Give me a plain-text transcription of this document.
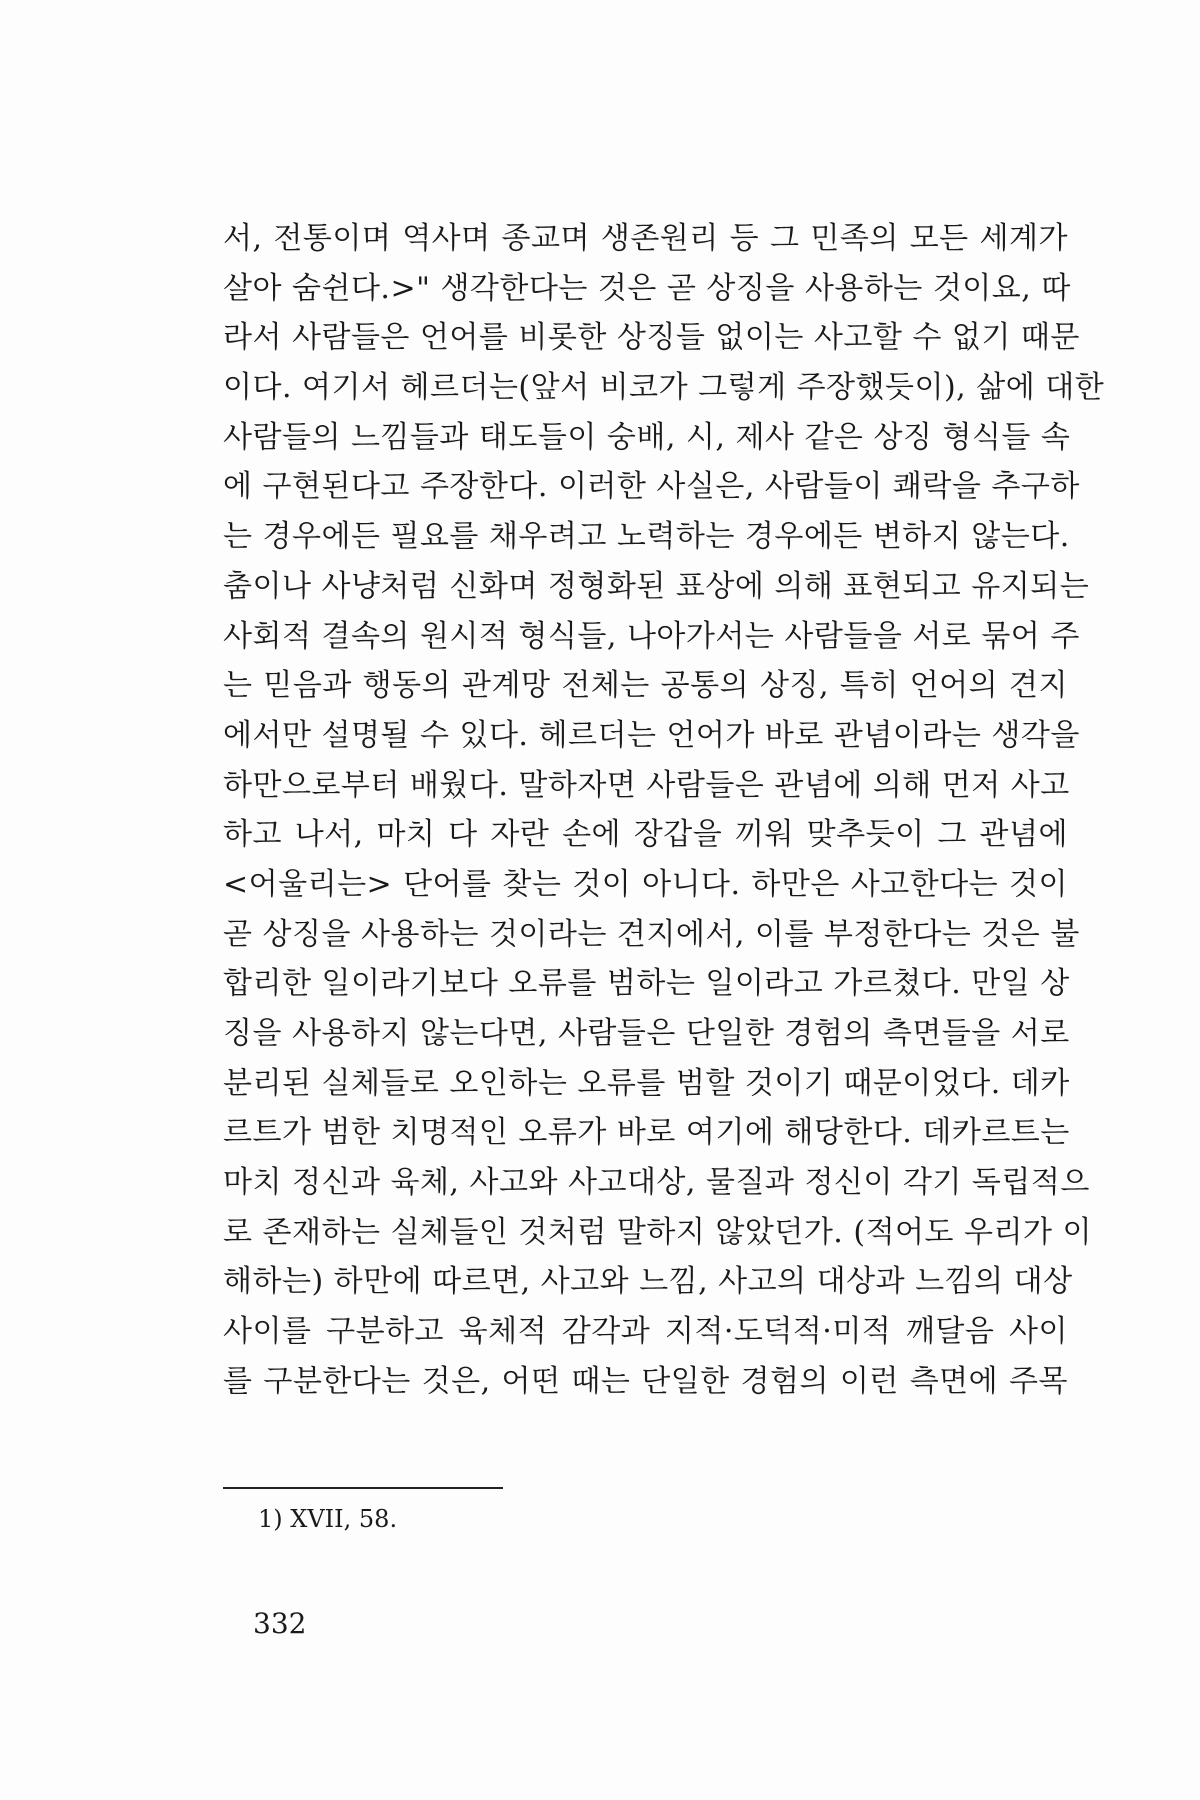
서, 전통이며 역사며 종교며 생존원리 등 그 민족의 모든 세계가
살아 숨쉰다.>" 생각한다는 것은 곧 상징을 사용하는 것이요, 따
라서 사람들은 언어를 비롯한 상징들 없이는 사고할 수 없기 때문
이다. 여기서 헤르더는(앞서 비코가 그렇게 주장했듯이), 삶에 대한
사람들의 느낌들과 태도들이 숭배, 시, 제사 같은 상징 형식들 속
에 구현된다고 주장한다. 이러한 사실은, 사람들이 쾌락을 추구하
는 경우에든 필요를 채우려고 노력하는 경우에든 변하지 않는다.
춤이나 사냥처럼 신화며 정형화된 표상에 의해 표현되고 유지되는
사회적 결속의 원시적 형식들, 나아가서는 사람들을 서로 묶어 주
는 믿음과 행동의 관계망 전체는 공통의 상징, 특히 언어의 견지
에서만 설명될 수 있다. 헤르더는 언어가 바로 관념이라는 생각을
하만으로부터 배웠다. 말하자면 사람들은 관념에 의해 먼저 사고
하고 나서, 마치 다 자란 손에 장갑을 끼워 맞추듯이 그 관념에
<어울리는> 단어를 찾는 것이 아니다. 하만은 사고한다는 것이
곧 상징을 사용하는 것이라는 견지에서, 이를 부정한다는 것은 불
합리한 일이라기보다 오류를 범하는 일이라고 가르쳤다. 만일 상
징을 사용하지 않는다면, 사람들은 단일한 경험의 측면들을 서로
분리된 실체들로 오인하는 오류를 범할 것이기 때문이었다. 데카
르트가 범한 치명적인 오류가 바로 여기에 해당한다. 데카르트는
마치 정신과 육체, 사고와 사고대상, 물질과 정신이 각기 독립적으
로 존재하는 실체들인 것처럼 말하지 않았던가. (적어도 우리가 이
해하는) 하만에 따르면, 사고와 느낌, 사고의 대상과 느낌의 대상
사이를 구분하고 육체적 감각과 지적·도덕적·미적 깨달음 사이
를 구분한다는 것은, 어떤 때는 단일한 경험의 이런 측면에 주목
1) XVII, 58.
332
